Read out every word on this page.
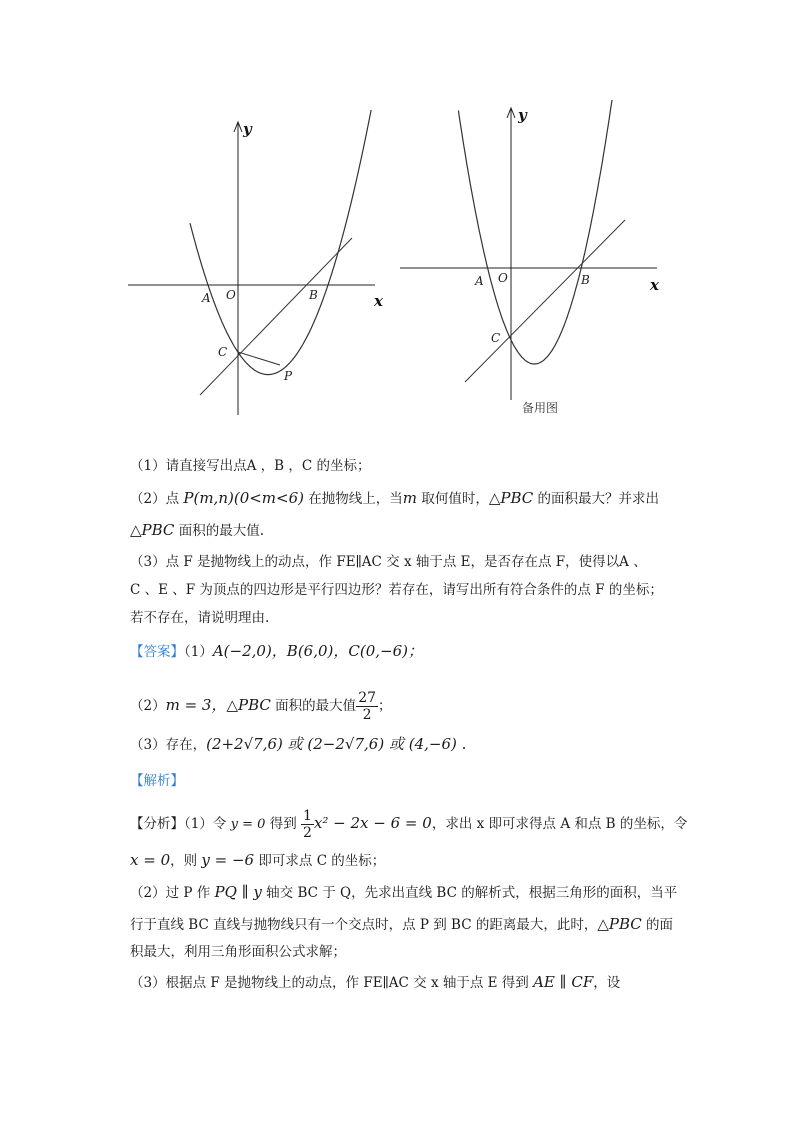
y
x
A O	B
C
P
y
x
A O	B
C
备用图
（1）请直接写出点A ，B ，C 的坐标；
（2）点 P(m,n)(0<m<6) 在抛物线上，当m 取何值时，△PBC 的面积最大？并求出
△PBC 面积的最大值.
（3）点 F 是抛物线上的动点，作 FE∥AC 交 x 轴于点 E，是否存在点 F，使得以A 、
C 、E 、F 为顶点的四边形是平行四边形？若存在，请写出所有符合条件的点 F 的坐标；
若不存在，请说明理由.
【答案】（1）A(−2,0)，B(6,0)，C(0,−6)；
（2）m = 3，△PBC 面积的最大值 $\frac{27}{2}$ ；
（3）存在，(2+2√7,6) 或 (2−2√7,6) 或 (4,−6) .
【解析】
【分析】（1）令 y = 0 得到 $\frac{1}{2} x^2 - 2x - 6 = 0$，求出 x 即可求得点 A 和点 B 的坐标，令
x = 0，则 y = −6 即可求点 C 的坐标；
（2）过 P 作 PQ ∥ y 轴交 BC 于 Q，先求出直线 BC 的解析式，根据三角形的面积，当平
行于直线 BC 直线与抛物线只有一个交点时，点 P 到 BC 的距离最大，此时，△PBC 的面
积最大，利用三角形面积公式求解；
（3）根据点 F 是抛物线上的动点，作 FE∥AC 交 x 轴于点 E 得到 AE ∥ CF，设
